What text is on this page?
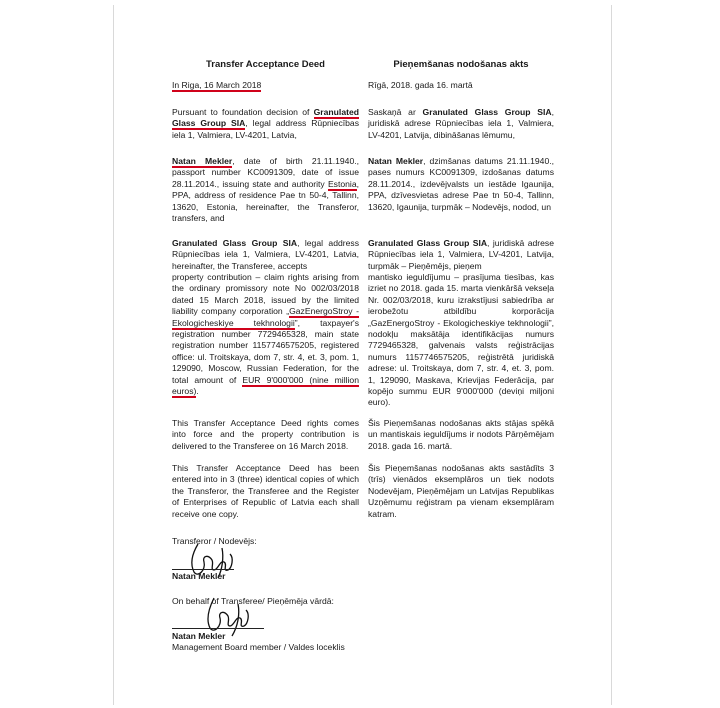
Transfer Acceptance Deed	Pieņemšanas nodošanas akts

In Riga, 16 March 2018

Pursuant to foundation decision of Granulated Glass Group SIA, legal address Rūpniecības iela 1, Valmiera, LV-4201, Latvia,

Natan Mekler, date of birth 21.11.1940., passport number KC0091309, date of issue 28.11.2014., issuing state and authority Estonia, PPA, address of residence Pae tn 50-4, Tallinn, 13620, Estonia, hereinafter, the Transferor, transfers, and

Granulated Glass Group SIA, legal address Rūpniecības iela 1, Valmiera, LV-4201, Latvia, hereinafter, the Transferee, accepts

property contribution – claim rights arising from the ordinary promissory note No 002/03/2018 dated 15 March 2018, issued by the limited liability company corporation „GazEnergoStroy - Ekologicheskiye tekhnologii”, taxpayer's registration number 7729465328, main state registration number 1157746575205, registered office: ul. Troitskaya, dom 7, str. 4, et. 3, pom. 1, 129090, Moscow, Russian Federation, for the total amount of EUR 9'000'000 (nine million euros).

This Transfer Acceptance Deed rights comes into force and the property contribution is delivered to the Transferee on 16 March 2018.

This Transfer Acceptance Deed has been entered into in 3 (three) identical copies of which the Transferor, the Transferee and the Register of Enterprises of Republic of Latvia each shall receive one copy.

Rīgā, 2018. gada 16. martā

Saskaņā ar Granulated Glass Group SIA, juridiskā adrese Rūpniecības iela 1, Valmiera, LV-4201, Latvija, dibināšanas lēmumu,

Natan Mekler, dzimšanas datums 21.11.1940., pases numurs KC0091309, izdošanas datums 28.11.2014., izdevējvalsts un iestāde Igaunija, PPA, dzīvesvietas adrese Pae tn 50-4, Tallinn, 13620, Igaunija, turpmāk – Nodevējs, nodod, un

Granulated Glass Group SIA, juridiskā adrese Rūpniecības iela 1, Valmiera, LV-4201, Latvija, turpmāk – Pieņēmējs, pieņem

mantisko ieguldījumu – prasījuma tiesības, kas izriet no 2018. gada 15. marta vienkāršā vekseļa Nr. 002/03/2018, kuru izrakstījusi sabiedrība ar ierobežotu atbildību korporācija „GazEnergoStroy - Ekologicheskiye tekhnologii”, nodokļu maksātāja identifikācijas numurs 7729465328, galvenais valsts reģistrācijas numurs 1157746575205, reģistrētā juridiskā adrese: ul. Troitskaya, dom 7, str. 4, et. 3, pom. 1, 129090, Maskava, Krievijas Federācija, par kopējo summu EUR 9'000'000 (deviņi miljoni euro).

Šis Pieņemšanas nodošanas akts stājas spēkā un mantiskais ieguldījums ir nodots Pārņēmējam 2018. gada 16. martā.

Šis Pieņemšanas nodošanas akts sastādīts 3 (trīs) vienādos eksemplāros un tiek nodots Nodevējam, Pieņēmējam un Latvijas Republikas Uzņēmumu reģistram pa vienam eksemplāram katram.

Transferor / Nodevējs:
Natan Mekler
On behalf of Transferee/ Pieņēmēja vārdā:
Natan Mekler
Management Board member / Valdes loceklis
